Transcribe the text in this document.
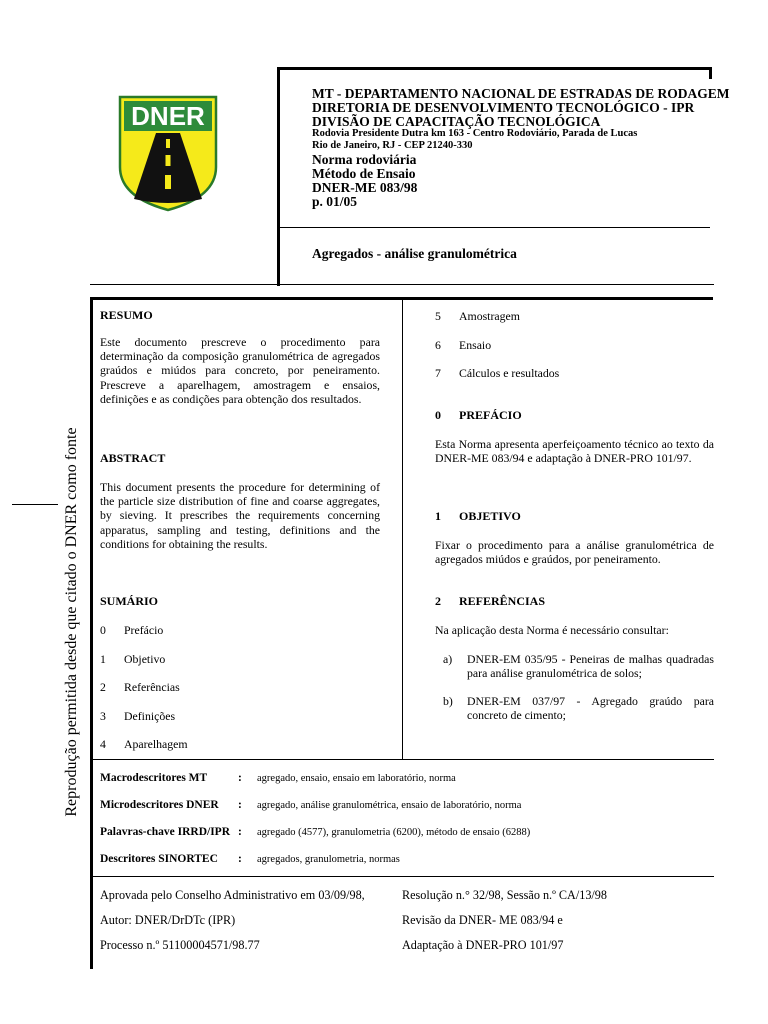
DNER
MT - DEPARTAMENTO NACIONAL DE ESTRADAS DE RODAGEM
DIRETORIA DE DESENVOLVIMENTO TECNOLÓGICO - IPR
DIVISÃO DE CAPACITAÇÃO TECNOLÓGICA
Rodovia Presidente Dutra km 163 - Centro Rodoviário, Parada de Lucas
Rio de Janeiro, RJ - CEP 21240-330
Norma rodoviária
Método de Ensaio
DNER-ME 083/98
p. 01/05
Agregados - análise granulométrica
Reprodução permitida desde que citado o DNER como fonte
RESUMO
Este documento prescreve o procedimento para determinação da composição granulométrica de agregados graúdos e miúdos para concreto, por peneiramento. Prescreve a aparelhagem, amostragem e ensaios, definições e as condições para obtenção dos resultados.
ABSTRACT
This document presents the procedure for determining of the particle size distribution of fine and coarse aggregates, by sieving. It prescribes the requirements concerning apparatus, sampling and testing, definitions and the conditions for obtaining the results.
SUMÁRIO
0 Prefácio
1 Objetivo
2 Referências
3 Definições
4 Aparelhagem
5 Amostragem
6 Ensaio
7 Cálculos e resultados
0 PREFÁCIO
Esta Norma apresenta aperfeiçoamento técnico ao texto da DNER-ME 083/94 e adaptação à DNER-PRO 101/97.
1 OBJETIVO
Fixar o procedimento para a análise granulométrica de agregados miúdos e graúdos, por peneiramento.
2 REFERÊNCIAS
Na aplicação desta Norma é necessário consultar:
a) DNER-EM 035/95 - Peneiras de malhas quadradas para análise granulométrica de solos;
b) DNER-EM 037/97 - Agregado graúdo para concreto de cimento;
Macrodescritores MT	: agregado, ensaio, ensaio em laboratório, norma
Microdescritores DNER : agregado, análise granulométrica, ensaio de laboratório, norma
Palavras-chave IRRD/IPR : agregado (4577), granulometria (6200), método de ensaio (6288)
Descritores SINORTEC : agregados, granulometria, normas
Aprovada pelo Conselho Administrativo em 03/09/98,
Autor: DNER/DrDTc (IPR)
Processo n.º 51100004571/98.77
Resolução n.° 32/98, Sessão n.º CA/13/98
Revisão da DNER- ME 083/94 e
Adaptação à DNER-PRO 101/97
